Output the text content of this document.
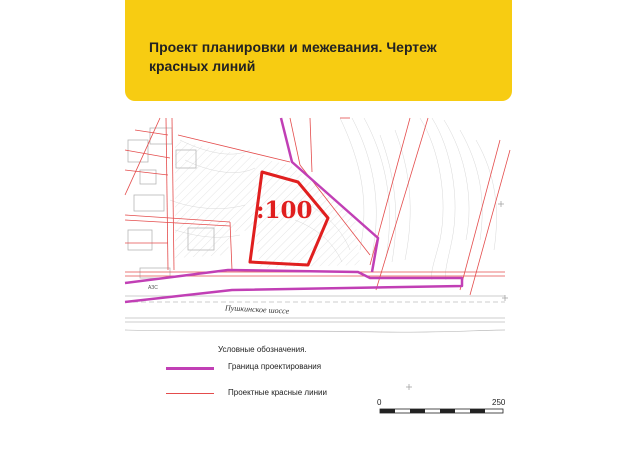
Проект планировки и межевания. Чертеж красных линий

:100
Пушкинское шоссе
АЗС
Условные обозначения.
Граница проектирования
Проектные красные линии
0	250
